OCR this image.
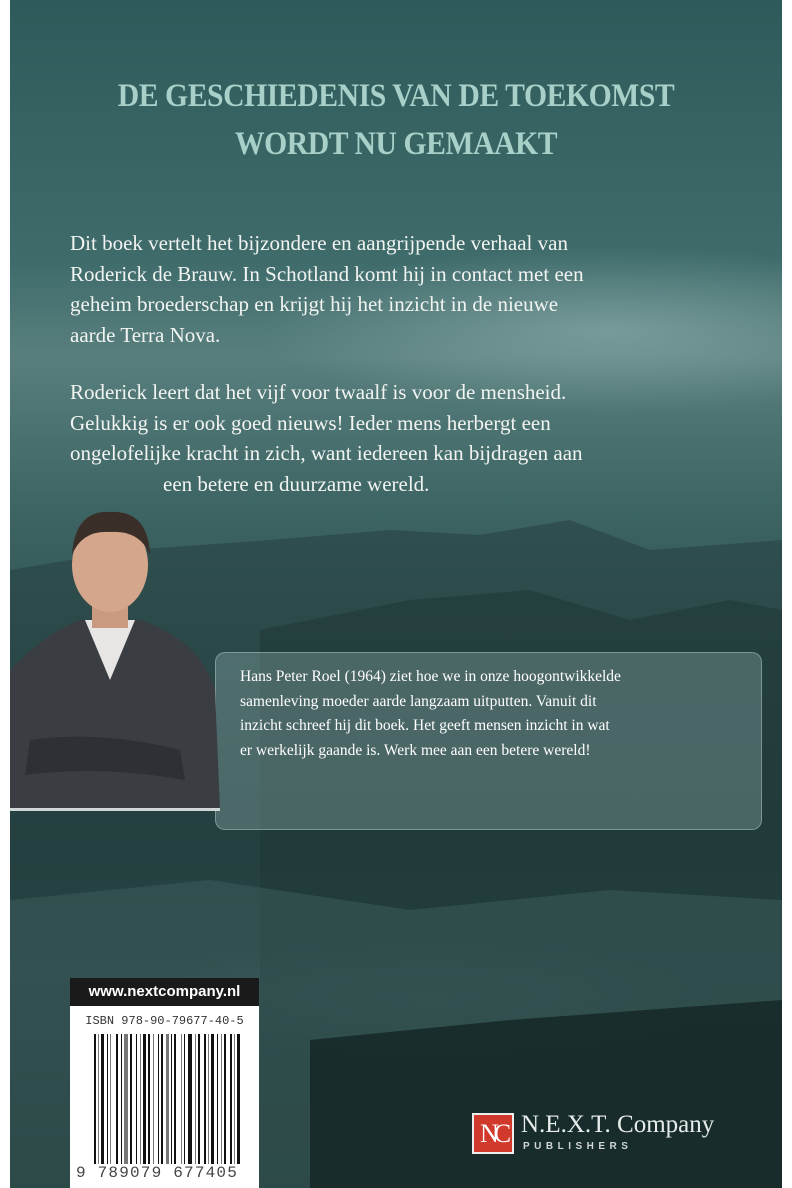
DE GESCHIEDENIS VAN DE TOEKOMST
WORDT NU GEMAAKT
Dit boek vertelt het bijzondere en aangrijpende verhaal van
Roderick de Brauw. In Schotland komt hij in contact met een
geheim broederschap en krijgt hij het inzicht in de nieuwe
aarde Terra Nova.
Roderick leert dat het vijf voor twaalf is voor de mensheid.
Gelukkig is er ook goed nieuws! Ieder mens herbergt een
ongelofelijke kracht in zich, want iedereen kan bijdragen aan
een betere en duurzame wereld.
Hans Peter Roel (1964) ziet hoe we in onze hoogontwikkelde
samenleving moeder aarde langzaam uitputten. Vanuit dit
inzicht schreef hij dit boek. Het geeft mensen inzicht in wat
er werkelijk gaande is. Werk mee aan een betere wereld!
www.nextcompany.nl
ISBN 978-90-79677-40-5
9 789079 677405
NC N.E.X.T. Company
PUBLISHERS
